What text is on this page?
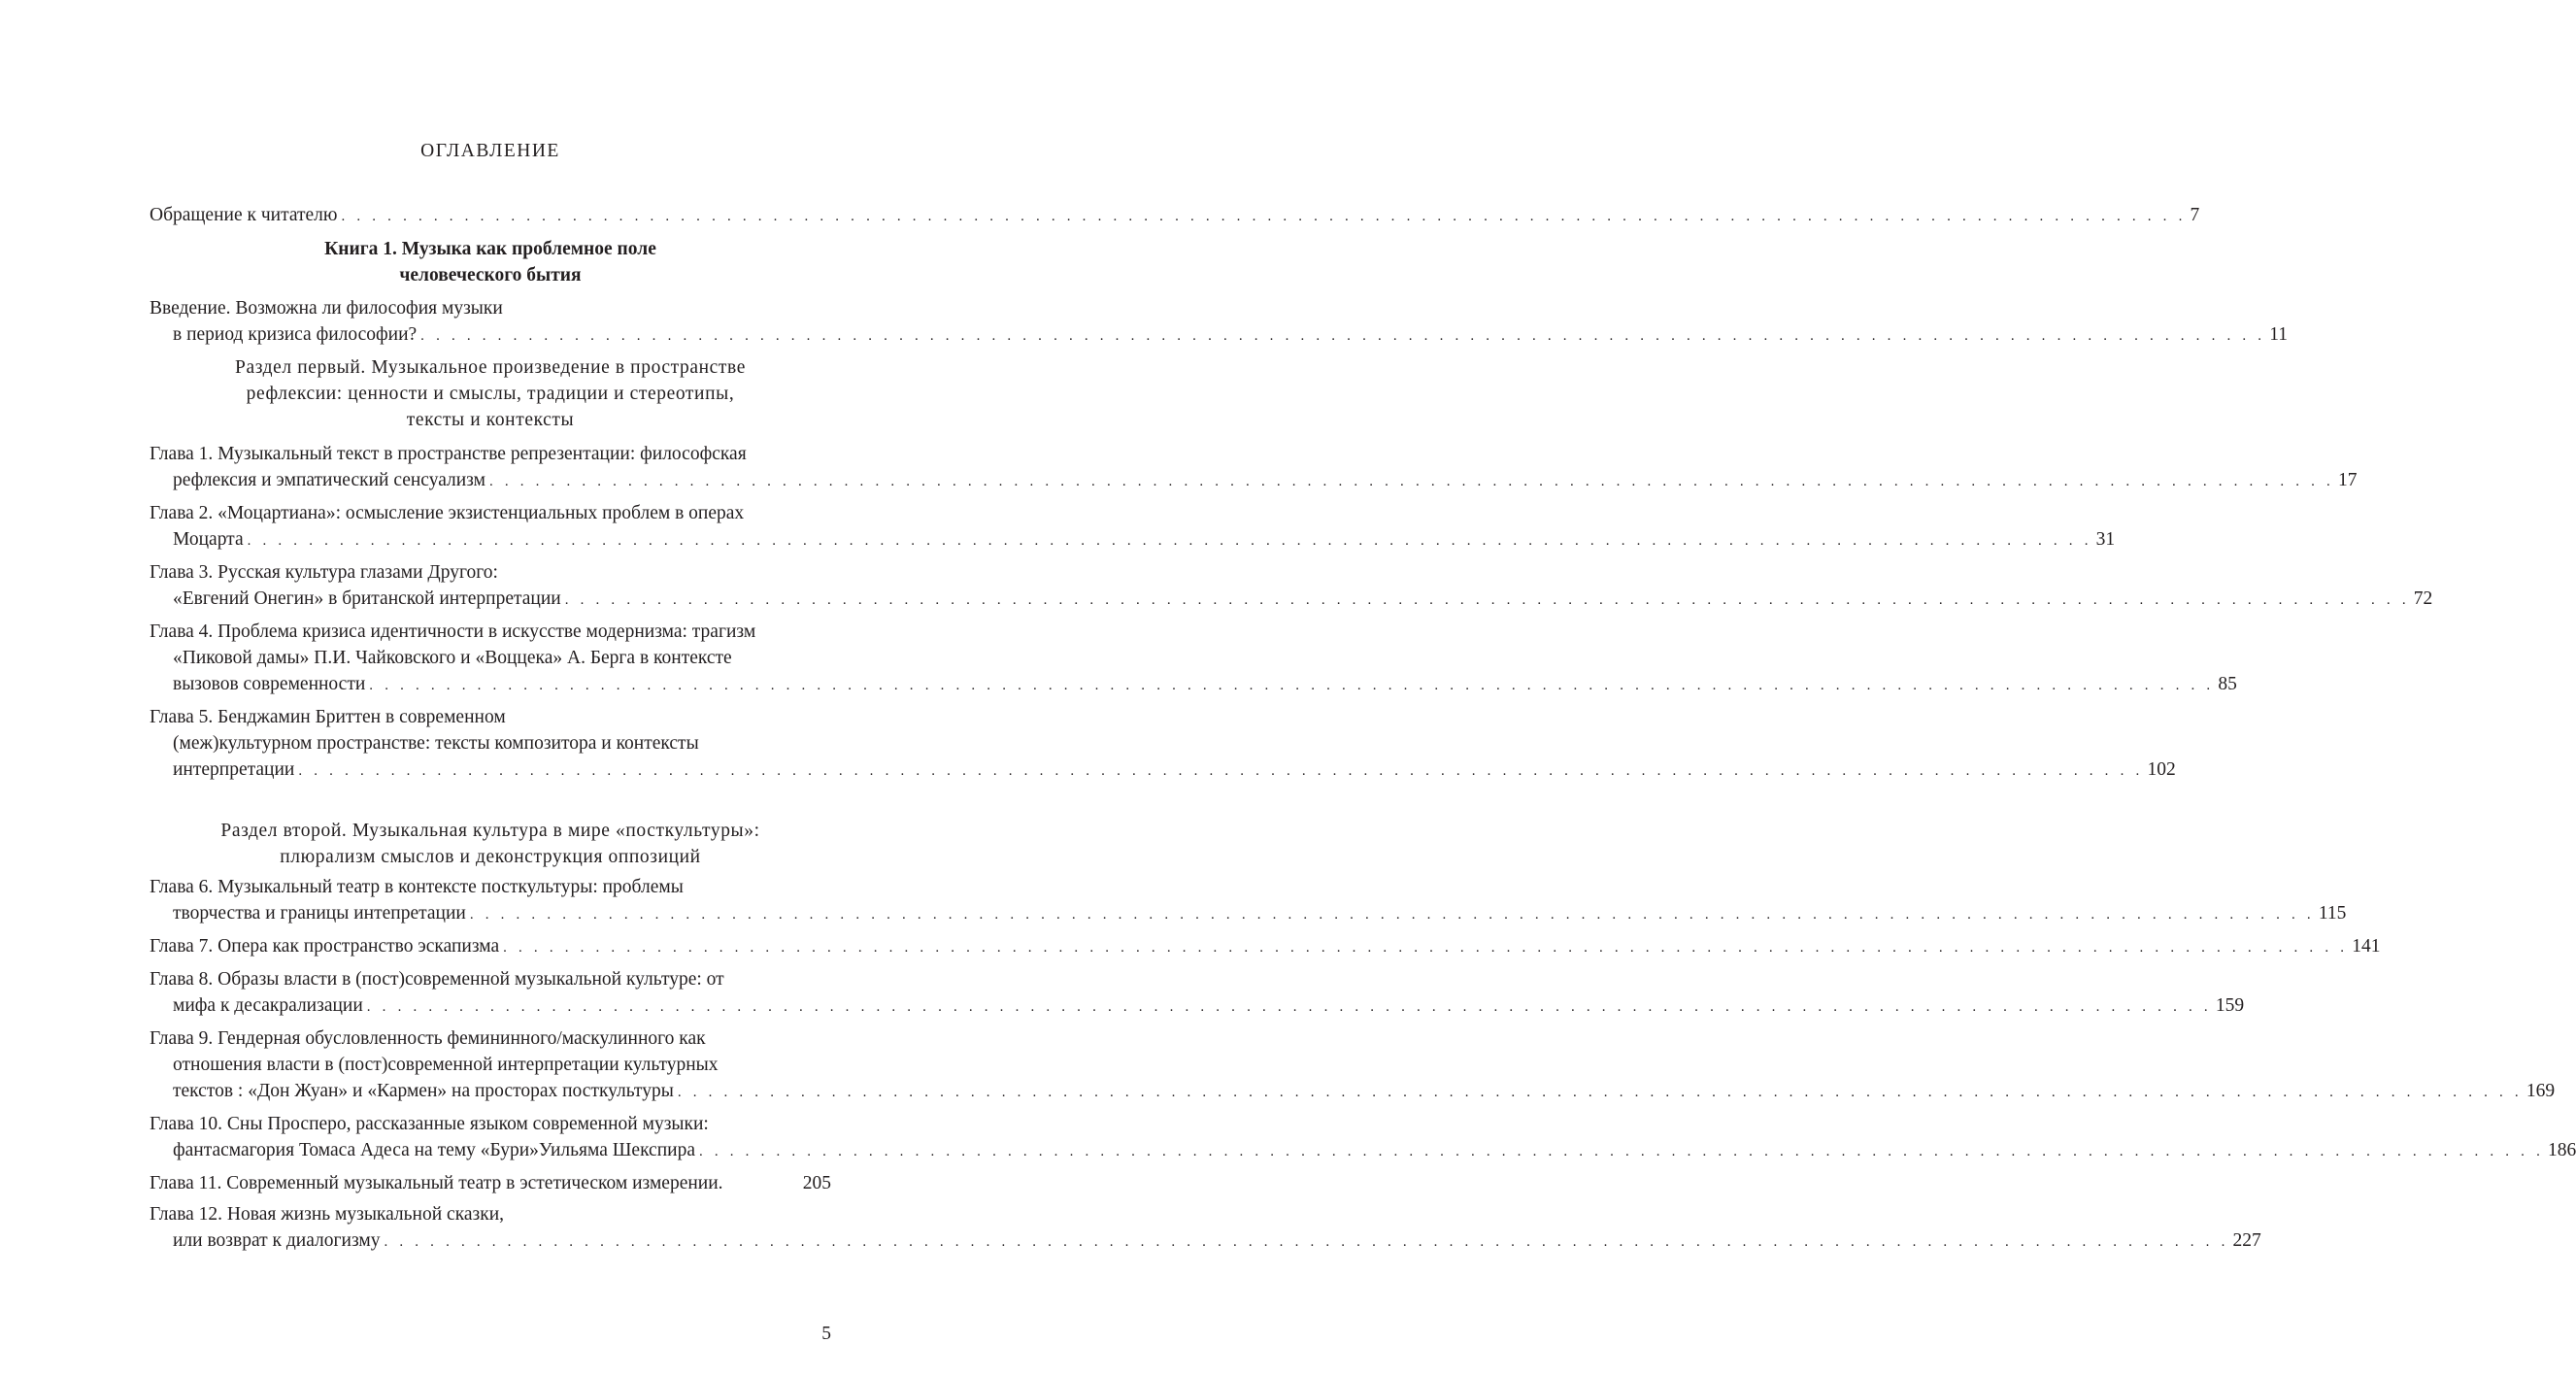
ОГЛАВЛЕНИЕ
Обращение к читателю . . . . . . . . . . . . . . . . . . . . . . . . . . . . . . . . . . . . . . . . . . . . . . . . . . . . . . . . . . . . . . . . . . . . . . . . . . . . . . . . . . . . . . . . . . . . . . . . . . . . . . . . . . . . . . . . . . . . . . . . 7
Книга 1. Музыка как проблемное поле
человеческого бытия
Введение. Возможна ли философия музыки
в период кризиса философии? . . . . . . . . . . . . . . . . . . . . . . . . . . . . . . . . . . . . . . . . . . . . . . . . . . . . . . . . . . . . . . . . . . . . . . . . . . . . . . . . . . . . . . . . . . . . . . . . . . . . . . . . . . . . . . . . . . . . . . . . 11
Раздел первый. Музыкальное произведение в пространстве
рефлексии: ценности и смыслы, традиции и стереотипы,
тексты и контексты
Глава 1. Музыкальный текст в пространстве репрезентации: философская
рефлексия и эмпатический сенсуализм . . . . . . . . . . . . . . . . . . . . . . . . . . . . . . . . . . . . . . . . . . . . . . . . . . . . . . . . . . . . . . . . . . . . . . . . . . . . . . . . . . . . . . . . . . . . . . . . . . . . . . . . . . . . . . . . . . . . . . . . 17
Глава 2. «Моцартиана»: осмысление экзистенциальных проблем в операх
Моцарта . . . . . . . . . . . . . . . . . . . . . . . . . . . . . . . . . . . . . . . . . . . . . . . . . . . . . . . . . . . . . . . . . . . . . . . . . . . . . . . . . . . . . . . . . . . . . . . . . . . . . . . . . . . . . . . . . . . . . . . . 31
Глава 3. Русская культура глазами Другого:
«Евгений Онегин» в британской интерпретации . . . . . . . . . . . . . . . . . . . . . . . . . . . . . . . . . . . . . . . . . . . . . . . . . . . . . . . . . . . . . . . . . . . . . . . . . . . . . . . . . . . . . . . . . . . . . . . . . . . . . . . . . . . . . . . . . . . . . . . . 72
Глава 4. Проблема кризиса идентичности в искусстве модернизма: трагизм
«Пиковой дамы» П.И. Чайковского и «Воццека» А. Берга в контексте
вызовов современности . . . . . . . . . . . . . . . . . . . . . . . . . . . . . . . . . . . . . . . . . . . . . . . . . . . . . . . . . . . . . . . . . . . . . . . . . . . . . . . . . . . . . . . . . . . . . . . . . . . . . . . . . . . . . . . . . . . . . . . . 85
Глава 5. Бенджамин Бриттен в современном
(меж)культурном пространстве: тексты композитора и контексты
интерпретации . . . . . . . . . . . . . . . . . . . . . . . . . . . . . . . . . . . . . . . . . . . . . . . . . . . . . . . . . . . . . . . . . . . . . . . . . . . . . . . . . . . . . . . . . . . . . . . . . . . . . . . . . . . . . . . . . . . . . . . . 102
Раздел второй. Музыкальная культура в мире «посткультуры»:
плюрализм смыслов и деконструкция оппозиций
Глава 6. Музыкальный театр в контексте посткультуры: проблемы
творчества и границы интепретации . . . . . . . . . . . . . . . . . . . . . . . . . . . . . . . . . . . . . . . . . . . . . . . . . . . . . . . . . . . . . . . . . . . . . . . . . . . . . . . . . . . . . . . . . . . . . . . . . . . . . . . . . . . . . . . . . . . . . . . . 115
Глава 7. Опера как пространство эскапизма . . . . . . . . . . . . . . . . . . . . . . . . . . . . . . . . . . . . . . . . . . . . . . . . . . . . . . . . . . . . . . . . . . . . . . . . . . . . . . . . . . . . . . . . . . . . . . . . . . . . . . . . . . . . . . . . . . . . . . . . 141
Глава 8. Образы власти в (пост)современной музыкальной культуре: от
мифа к десакрализации . . . . . . . . . . . . . . . . . . . . . . . . . . . . . . . . . . . . . . . . . . . . . . . . . . . . . . . . . . . . . . . . . . . . . . . . . . . . . . . . . . . . . . . . . . . . . . . . . . . . . . . . . . . . . . . . . . . . . . . . 159
Глава 9. Гендерная обусловленность фемининного/маскулинного как
отношения власти в (пост)современной интерпретации культурных
текстов : «Дон Жуан» и «Кармен» на просторах посткультуры . . . . . . . . . . . . . . . . . . . . . . . . . . . . . . . . . . . . . . . . . . . . . . . . . . . . . . . . . . . . . . . . . . . . . . . . . . . . . . . . . . . . . . . . . . . . . . . . . . . . . . . . . . . . . . . . . . . . . . . . 169
Глава 10. Сны Просперо, рассказанные языком современной музыки:
фантасмагория Томаса Адеса на тему «Бури»Уильяма Шекспира . . . . . . . . . . . . . . . . . . . . . . . . . . . . . . . . . . . . . . . . . . . . . . . . . . . . . . . . . . . . . . . . . . . . . . . . . . . . . . . . . . . . . . . . . . . . . . . . . . . . . . . . . . . . . . . . . . . . . . . . 186
Глава 11. Современный музыкальный театр в эстетическом измерении.	205
Глава 12. Новая жизнь музыкальной сказки,
или возврат к диалогизму . . . . . . . . . . . . . . . . . . . . . . . . . . . . . . . . . . . . . . . . . . . . . . . . . . . . . . . . . . . . . . . . . . . . . . . . . . . . . . . . . . . . . . . . . . . . . . . . . . . . . . . . . . . . . . . . . . . . . . . . 227
5
